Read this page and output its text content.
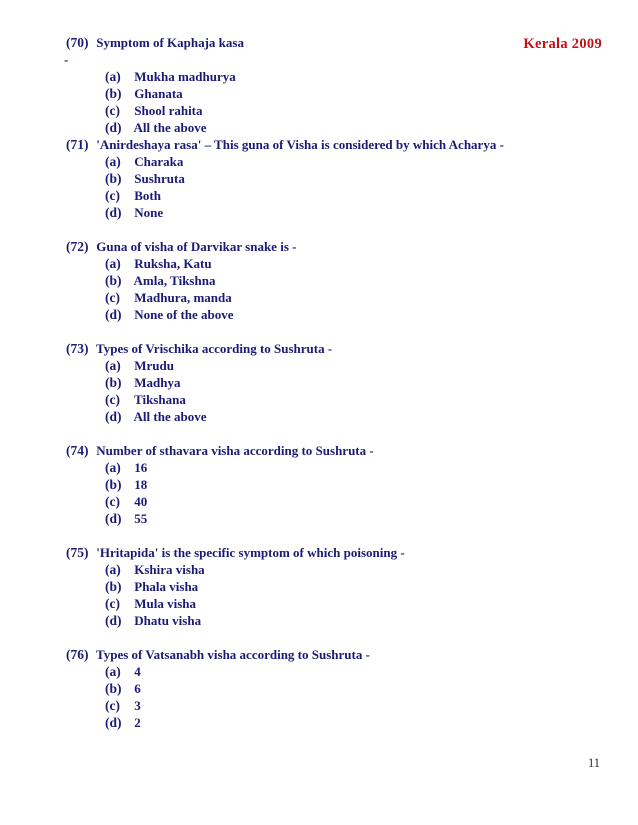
Kerala 2009
(70) Symptom of Kaphaja kasa
-
(a) Mukha madhurya
(b) Ghanata
(c) Shool rahita
(d) All the above
(71) 'Anirdeshaya rasa' – This guna of Visha is considered by which Acharya -
(a) Charaka
(b) Sushruta
(c) Both
(d) None
(72) Guna of visha of Darvikar snake is -
(a) Ruksha, Katu
(b) Amla, Tikshna
(c) Madhura, manda
(d) None of the above
(73) Types of Vrischika according to Sushruta -
(a) Mrudu
(b) Madhya
(c) Tikshana
(d) All the above
(74) Number of sthavara visha according to Sushruta -
(a) 16
(b) 18
(c) 40
(d) 55
(75) 'Hritapida' is the specific symptom of which poisoning -
(a) Kshira visha
(b) Phala visha
(c) Mula visha
(d) Dhatu visha
(76) Types of Vatsanabh visha according to Sushruta -
(a) 4
(b) 6
(c) 3
(d) 2
11
